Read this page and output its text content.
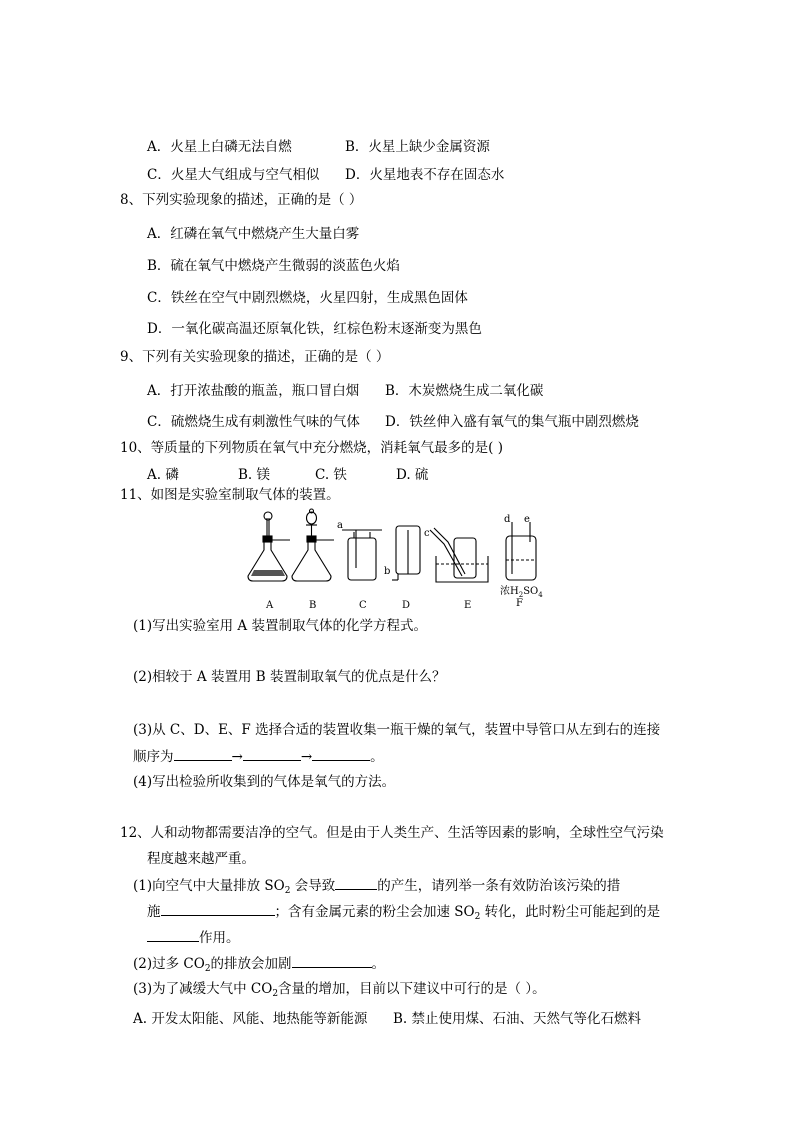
A．火星上白磷无法自燃	B．火星上缺少金属资源
C．火星大气组成与空气相似 D．火星地表不存在固态水
8、下列实验现象的描述，正确的是（ ）
A．红磷在氧气中燃烧产生大量白雾
B．硫在氧气中燃烧产生微弱的淡蓝色火焰
C．铁丝在空气中剧烈燃烧，火星四射，生成黑色固体
D．一氧化碳高温还原氧化铁，红棕色粉末逐渐变为黑色
9、下列有关实验现象的描述，正确的是（ ）
A．打开浓盐酸的瓶盖，瓶口冒白烟 B．木炭燃烧生成二氧化碳
C．硫燃烧生成有刺激性气味的气体 D．铁丝伸入盛有氧气的集气瓶中剧烈燃烧
10、等质量的下列物质在氧气中充分燃烧，消耗氧气最多的是( )
A. 磷	B. 镁	C. 铁	D. 硫
11、如图是实验室制取气体的装置。
a
b
c
d e
浓$H_2SO_4$
A	B	C	D	E	F
(1)写出实验室用 A 装置制取气体的化学方程式。
(2)相较于 A 装置用 B 装置制取氧气的优点是什么？
(3)从 C、D、E、F 选择合适的装置收集一瓶干燥的氧气，装置中导管口从左到右的连接
顺序为	→	→	。
(4)写出检验所收集到的气体是氧气的方法。
12、人和动物都需要洁净的空气。但是由于人类生产、生活等因素的影响，全球性空气污染
程度越来越严重。
(1)向空气中大量排放 $SO_2$ 会导致	的产生，请列举一条有效防治该污染的措
施	；含有金属元素的粉尘会加速 $SO_2$ 转化，此时粉尘可能起到的是
作用。
(2)过多 $CO_2$的排放会加剧	。
(3)为了减缓大气中 $CO_2$含量的增加，目前以下建议中可行的是（ ）。
A. 开发太阳能、风能、地热能等新能源 B. 禁止使用煤、石油、天然气等化石燃料
